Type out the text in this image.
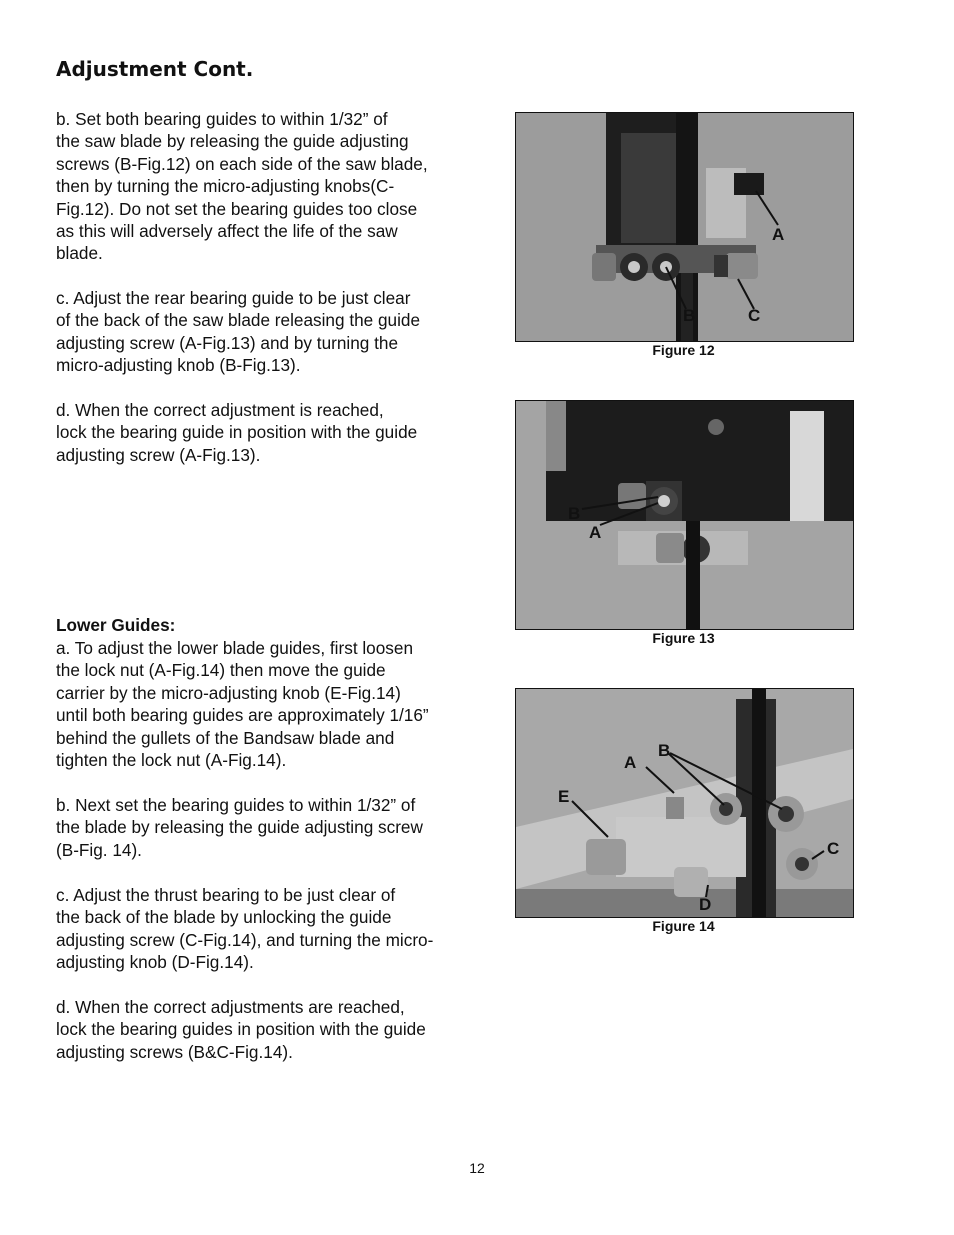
Adjustment Cont.
b. Set both bearing guides to within 1/32” of
the saw blade by releasing the guide adjusting
screws (B-Fig.12) on each side of the saw blade,
then by turning the micro-adjusting knobs(C-
Fig.12). Do not set the bearing guides too close
as this will adversely affect the life of the saw
blade.
c. Adjust the rear bearing guide to be just clear
of the back of the saw blade releasing the guide
adjusting screw (A-Fig.13) and by turning the
micro-adjusting knob (B-Fig.13).
d. When the correct adjustment is reached,
lock the bearing guide in position with the guide
adjusting screw (A-Fig.13).
Lower Guides:
a. To adjust the lower blade guides, first loosen
the lock nut (A-Fig.14) then move the guide
carrier by the micro-adjusting knob (E-Fig.14)
until both bearing guides are approximately 1/16”
behind the gullets of the Bandsaw blade and
tighten the lock nut (A-Fig.14).
b. Next set the bearing guides to within 1/32” of
the blade by releasing the guide adjusting screw
(B-Fig. 14).
c. Adjust the thrust bearing to be just clear of
the back of the blade by unlocking the guide
adjusting screw (C-Fig.14), and turning the micro-
adjusting knob (D-Fig.14).
d. When the correct adjustments are reached,
lock the bearing guides in position with the guide
adjusting screws (B&C-Fig.14).
A
B	C
Figure 12
B
A
Figure 13
A
B
E
C
D
Figure 14
12
